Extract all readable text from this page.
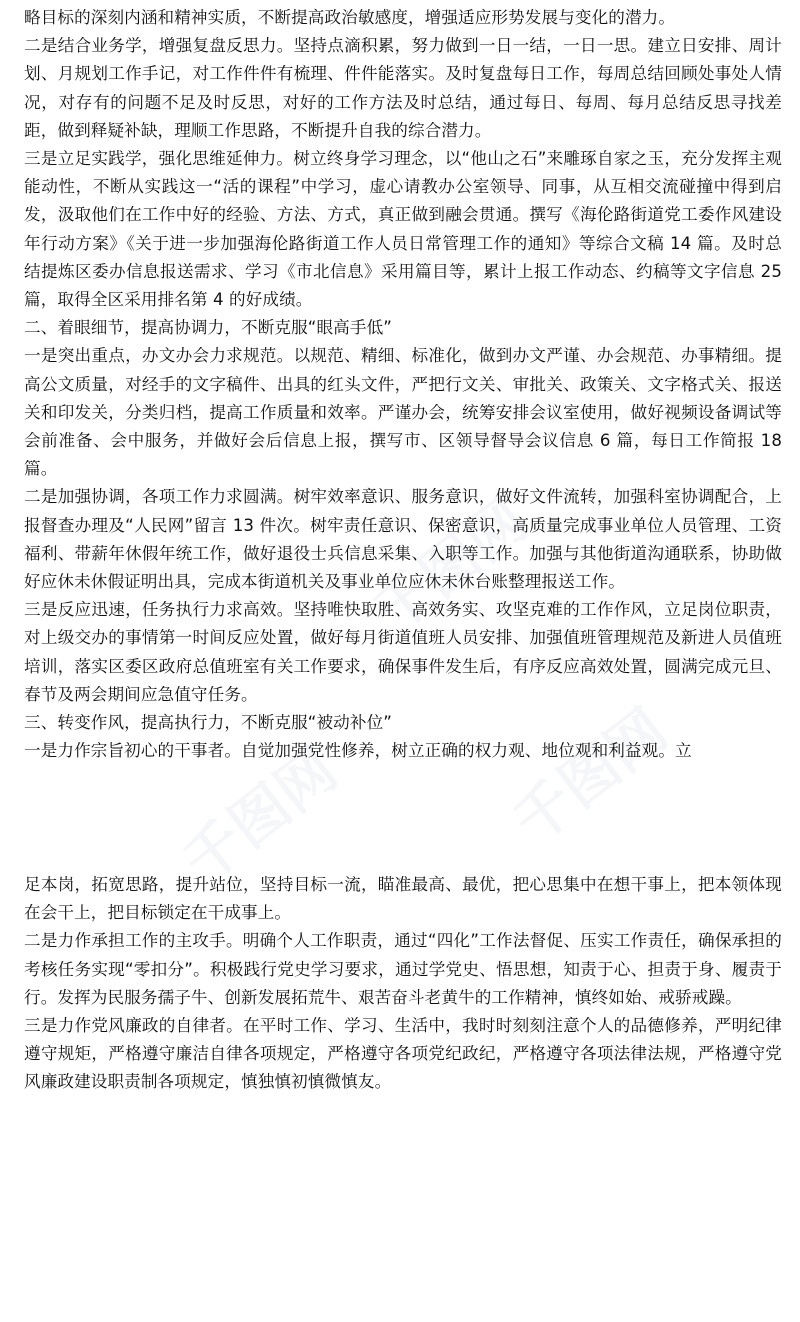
千图网
千图网
千图网

略目标的深刻内涵和精神实质，不断提高政治敏感度，增强适应形势发展与变化的潜力。

二是结合业务学，增强复盘反思力。坚持点滴积累，努力做到一日一结，一日一思。建立日安排、周计划、月规划工作手记，对工作件件有梳理、件件能落实。及时复盘每日工作，每周总结回顾处事处人情况，对存有的问题不足及时反思，对好的工作方法及时总结，通过每日、每周、每月总结反思寻找差距，做到释疑补缺，理顺工作思路，不断提升自我的综合潜力。

三是立足实践学，强化思维延伸力。树立终身学习理念，以“他山之石”来雕琢自家之玉，充分发挥主观能动性，不断从实践这一“活的课程”中学习，虚心请教办公室领导、同事，从互相交流碰撞中得到启发，汲取他们在工作中好的经验、方法、方式，真正做到融会贯通。撰写《海伦路街道党工委作风建设年行动方案》《关于进一步加强海伦路街道工作人员日常管理工作的通知》等综合文稿 14 篇。及时总结提炼区委办信息报送需求、学习《市北信息》采用篇目等，累计上报工作动态、约稿等文字信息 25 篇，取得全区采用排名第 4 的好成绩。

二、着眼细节，提高协调力，不断克服“眼高手低”

一是突出重点，办文办会力求规范。以规范、精细、标准化，做到办文严谨、办会规范、办事精细。提高公文质量，对经手的文字稿件、出具的红头文件，严把行文关、审批关、政策关、文字格式关、报送关和印发关，分类归档，提高工作质量和效率。严谨办会，统筹安排会议室使用，做好视频设备调试等会前准备、会中服务，并做好会后信息上报，撰写市、区领导督导会议信息 6 篇，每日工作简报 18 篇。

二是加强协调，各项工作力求圆满。树牢效率意识、服务意识，做好文件流转，加强科室协调配合，上报督查办理及“人民网”留言 13 件次。树牢责任意识、保密意识，高质量完成事业单位人员管理、工资福利、带薪年休假年统工作，做好退役士兵信息采集、入职等工作。加强与其他街道沟通联系，协助做好应休未休假证明出具，完成本街道机关及事业单位应休未休台账整理报送工作。

三是反应迅速，任务执行力求高效。坚持唯快取胜、高效务实、攻坚克难的工作作风，立足岗位职责，对上级交办的事情第一时间反应处置，做好每月街道值班人员安排、加强值班管理规范及新进人员值班培训，落实区委区政府总值班室有关工作要求，确保事件发生后，有序反应高效处置，圆满完成元旦、春节及两会期间应急值守任务。

三、转变作风，提高执行力，不断克服“被动补位”

一是力作宗旨初心的干事者。自觉加强党性修养，树立正确的权力观、地位观和利益观。立

足本岗，拓宽思路，提升站位，坚持目标一流，瞄准最高、最优，把心思集中在想干事上，把本领体现在会干上，把目标锁定在干成事上。

二是力作承担工作的主攻手。明确个人工作职责，通过“四化”工作法督促、压实工作责任，确保承担的考核任务实现“零扣分”。积极践行党史学习要求，通过学党史、悟思想，知责于心、担责于身、履责于行。发挥为民服务孺子牛、创新发展拓荒牛、艰苦奋斗老黄牛的工作精神，慎终如始、戒骄戒躁。

三是力作党风廉政的自律者。在平时工作、学习、生活中，我时时刻刻注意个人的品德修养，严明纪律遵守规矩，严格遵守廉洁自律各项规定，严格遵守各项党纪政纪，严格遵守各项法律法规，严格遵守党风廉政建设职责制各项规定，慎独慎初慎微慎友。
